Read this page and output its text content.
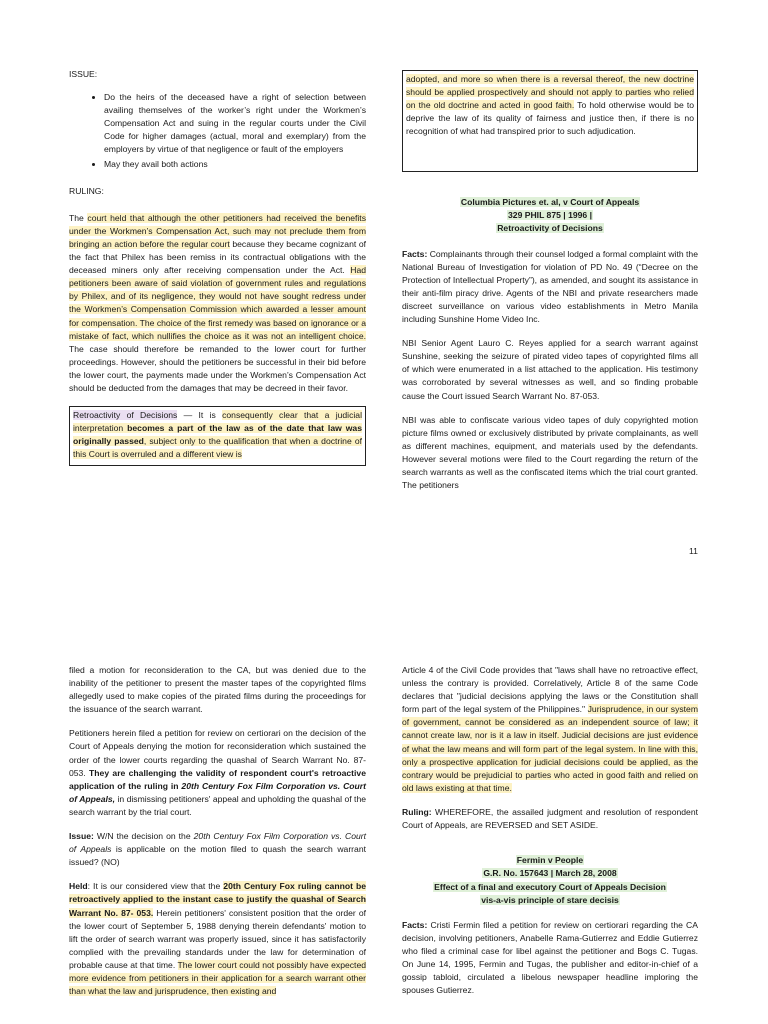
ISSUE:
• Do the heirs of the deceased have a right of selection between availing themselves of the worker’s right under the Workmen’s Compensation Act and suing in the regular courts under the Civil Code for higher damages (actual, moral and exemplary) from the employers by virtue of that negligence or fault of the employers
• May they avail both actions
RULING:

The court held that although the other petitioners had received the benefits under the Workmen’s Compensation Act, such may not preclude them from bringing an action before the regular court because they became cognizant of the fact that Philex has been remiss in its contractual obligations with the deceased miners only after receiving compensation under the Act. Had petitioners been aware of said violation of government rules and regulations by Philex, and of its negligence, they would not have sought redress under the Workmen’s Compensation Commission which awarded a lesser amount for compensation. The choice of the first remedy was based on ignorance or a mistake of fact, which nullifies the choice as it was not an intelligent choice. The case should therefore be remanded to the lower court for further proceedings. However, should the petitioners be successful in their bid before the lower court, the payments made under the Workmen’s Compensation Act should be deducted from the damages that may be decreed in their favor.

Retroactivity of Decisions — It is consequently clear that a judicial interpretation becomes a part of the law as of the date that law was originally passed, subject only to the qualification that when a doctrine of this Court is overruled and a different view is

adopted, and more so when there is a reversal thereof, the new doctrine should be applied prospectively and should not apply to parties who relied on the old doctrine and acted in good faith. To hold otherwise would be to deprive the law of its quality of fairness and justice then, if there is no recognition of what had transpired prior to such adjudication.

Columbia Pictures et. al, v Court of Appeals
329 PHIL 875 | 1996 |
Retroactivity of Decisions

Facts: Complainants through their counsel lodged a formal complaint with the National Bureau of Investigation for violation of PD No. 49 (“Decree on the Protection of Intellectual Property”), as amended, and sought its assistance in their anti-film piracy drive. Agents of the NBI and private researchers made discreet surveillance on various video establishments in Metro Manila including Sunshine Home Video Inc.

NBI Senior Agent Lauro C. Reyes applied for a search warrant against Sunshine, seeking the seizure of pirated video tapes of copyrighted films all of which were enumerated in a list attached to the application. His testimony was corroborated by several witnesses as well, and so finding probable cause the Court issued Search Warrant No. 87-053.

NBI was able to confiscate various video tapes of duly copyrighted motion picture films owned or exclusively distributed by private complainants, as well as different machines, equipment, and materials used by the defendants. However several motions were filed to the Court regarding the return of the search warrants as well as the confiscated items which the trial court granted. The petitioners

11

filed a motion for reconsideration to the CA, but was denied due to the inability of the petitioner to present the master tapes of the copyrighted films allegedly used to make copies of the pirated films during the proceedings for the issuance of the search warrant.

Petitioners herein filed a petition for review on certiorari on the decision of the Court of Appeals denying the motion for reconsideration which sustained the order of the lower courts regarding the quashal of Search Warrant No. 87-053. They are challenging the validity of respondent court's retroactive application of the ruling in 20th Century Fox Film Corporation vs. Court of Appeals, in dismissing petitioners' appeal and upholding the quashal of the search warrant by the trial court.

Issue: W/N the decision on the 20th Century Fox Film Corporation vs. Court of Appeals is applicable on the motion filed to quash the search warrant issued? (NO)

Held: It is our considered view that the 20th Century Fox ruling cannot be retroactively applied to the instant case to justify the quashal of Search Warrant No. 87- 053. Herein petitioners' consistent position that the order of the lower court of September 5, 1988 denying therein defendants' motion to lift the order of search warrant was properly issued, since it has satisfactorily complied with the prevailing standards under the law for determination of probable cause at that time. The lower court could not possibly have expected more evidence from petitioners in their application for a search warrant other than what the law and jurisprudence, then existing and

Article 4 of the Civil Code provides that "laws shall have no retroactive effect, unless the contrary is provided. Correlatively, Article 8 of the same Code declares that "judicial decisions applying the laws or the Constitution shall form part of the legal system of the Philippines." Jurisprudence, in our system of government, cannot be considered as an independent source of law; it cannot create law, nor is it a law in itself. Judicial decisions are just evidence of what the law means and will form part of the legal system. In line with this, only a prospective application for judicial decisions could be applied, as the contrary would be prejudicial to parties who acted in good faith and relied on old laws existing at that time.

Ruling: WHEREFORE, the assailed judgment and resolution of respondent Court of Appeals, are REVERSED and SET ASIDE.

Fermin v People
G.R. No. 157643 | March 28, 2008
Effect of a final and executory Court of Appeals Decision
vis-a-vis principle of stare decisis

Facts: Cristi Fermin filed a petition for review on certiorari regarding the CA decision, involving petitioners, Anabelle Rama-Gutierrez and Eddie Gutierrez who filed a criminal case for libel against the petitioner and Bogs C. Tugas. On June 14, 1995, Fermin and Tugas, the publisher and editor-in-chief of a gossip tabloid, circulated a libelous newspaper headline imploring the spouses Gutierrez.
